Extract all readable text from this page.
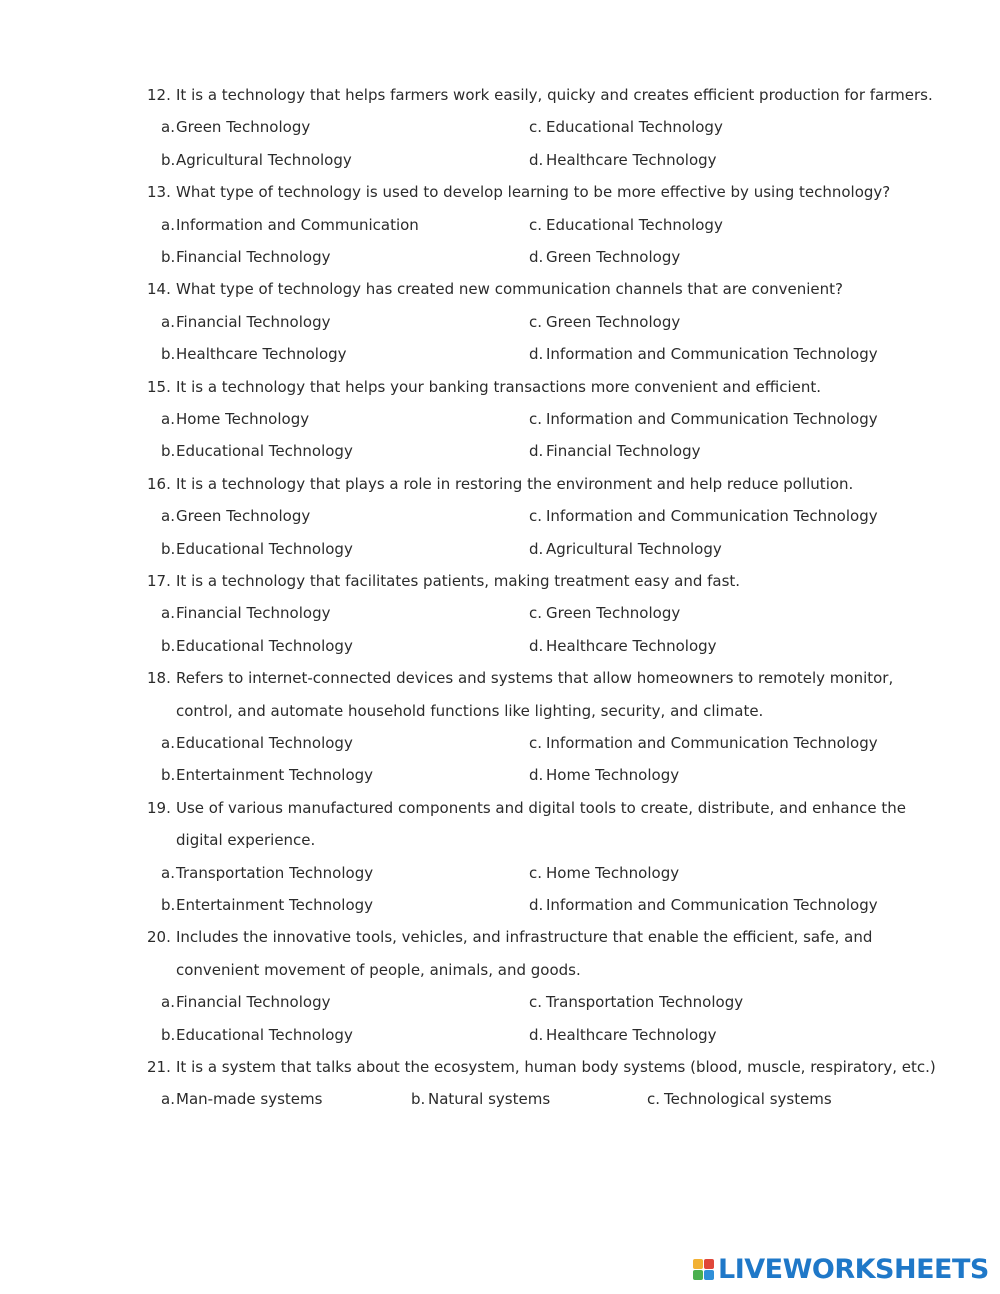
12. It is a technology that helps farmers work easily, quicky and creates efficient production for farmers.
a. Green Technology	c. Educational Technology
b. Agricultural Technology	d. Healthcare Technology
13. What type of technology is used to develop learning to be more effective by using technology?
a. Information and Communication	c. Educational Technology
b. Financial Technology	d. Green Technology
14. What type of technology has created new communication channels that are convenient?
a. Financial Technology	c. Green Technology
b. Healthcare Technology	d. Information and Communication Technology
15. It is a technology that helps your banking transactions more convenient and efficient.
a. Home Technology	c. Information and Communication Technology
b. Educational Technology	d. Financial Technology
16. It is a technology that plays a role in restoring the environment and help reduce pollution.
a. Green Technology	c. Information and Communication Technology
b. Educational Technology	d. Agricultural Technology
17. It is a technology that facilitates patients, making treatment easy and fast.
a. Financial Technology	c. Green Technology
b. Educational Technology	d. Healthcare Technology
18. Refers to internet-connected devices and systems that allow homeowners to remotely monitor,
control, and automate household functions like lighting, security, and climate.
a. Educational Technology	c. Information and Communication Technology
b. Entertainment Technology	d. Home Technology
19. Use of various manufactured components and digital tools to create, distribute, and enhance the
digital experience.
a. Transportation Technology	c. Home Technology
b. Entertainment Technology	d. Information and Communication Technology
20. Includes the innovative tools, vehicles, and infrastructure that enable the efficient, safe, and
convenient movement of people, animals, and goods.
a. Financial Technology	c. Transportation Technology
b. Educational Technology	d. Healthcare Technology
21. It is a system that talks about the ecosystem, human body systems (blood, muscle, respiratory, etc.)
a. Man-made systems	b. Natural systems	c. Technological systems
LIVEWORKSHEETS
